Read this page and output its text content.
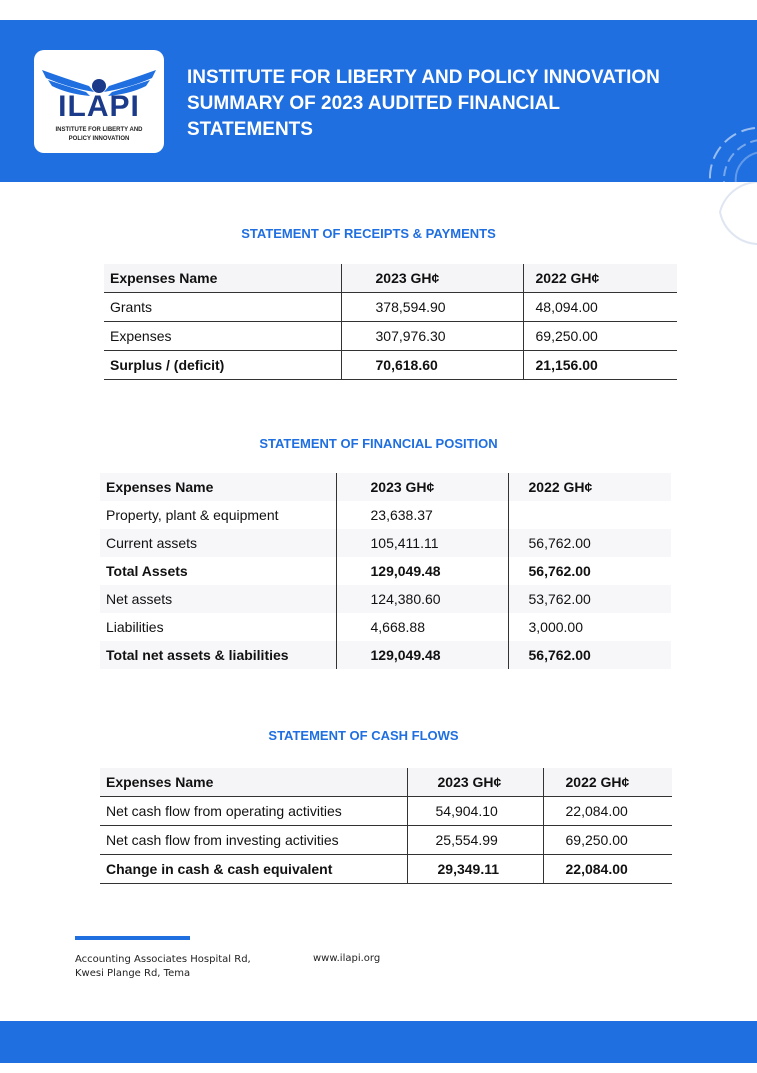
ILAPI
INSTITUTE FOR LIBERTY AND
POLICY INNOVATION
INSTITUTE FOR LIBERTY AND POLICY INNOVATION
SUMMARY OF 2023 AUDITED FINANCIAL
STATEMENTS
STATEMENT OF RECEIPTS & PAYMENTS
Expenses Name	2023 GH¢	2022 GH¢
Grants	378,594.90	48,094.00
Expenses	307,976.30	69,250.00
Surplus / (deficit)	70,618.60	21,156.00
STATEMENT OF FINANCIAL POSITION
Expenses Name	2023 GH¢	2022 GH¢
Property, plant & equipment	23,638.37	
Current assets	105,411.11	56,762.00
Total Assets	129,049.48	56,762.00
Net assets	124,380.60	53,762.00
Liabilities	4,668.88	3,000.00
Total net assets & liabilities	129,049.48	56,762.00
STATEMENT OF CASH FLOWS
Expenses Name	2023 GH¢	2022 GH¢
Net cash flow from operating activities	54,904.10	22,084.00
Net cash flow from investing activities	25,554.99	69,250.00
Change in cash & cash equivalent	29,349.11	22,084.00
Accounting Associates Hospital Rd,
Kwesi Plange Rd, Tema
www.ilapi.org
